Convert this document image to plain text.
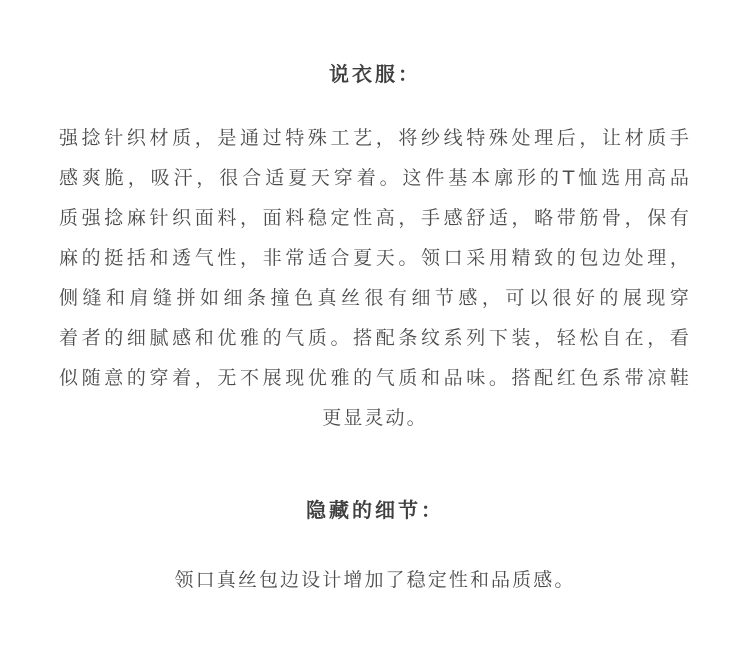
说衣服：
强捻针织材质，是通过特殊工艺，将纱线特殊处理后，让材质手
感爽脆，吸汗，很合适夏天穿着。这件基本廓形的T恤选用高品
质强捻麻针织面料，面料稳定性高，手感舒适，略带筋骨，保有
麻的挺括和透气性，非常适合夏天。领口采用精致的包边处理，
侧缝和肩缝拼如细条撞色真丝很有细节感，可以很好的展现穿
着者的细腻感和优雅的气质。搭配条纹系列下装，轻松自在，看
似随意的穿着，无不展现优雅的气质和品味。搭配红色系带凉鞋
更显灵动。
隐藏的细节：
领口真丝包边设计增加了稳定性和品质感。
